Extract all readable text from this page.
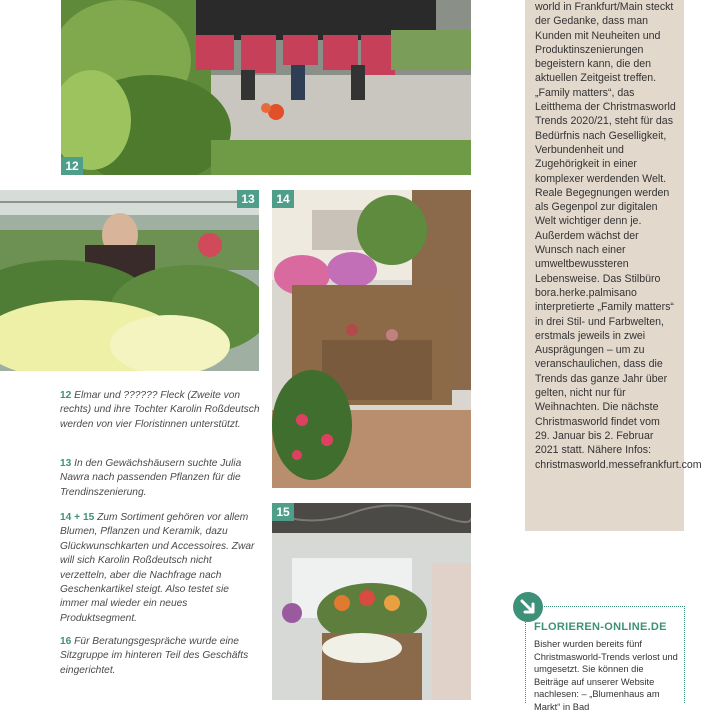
12
13	14
15

12 Elmar und ?????? Fleck (Zweite von rechts) und ihre Tochter Karolin Roßdeutsch werden von vier Floristinnen unterstützt.

13 In den Gewächshäusern suchte Julia Nawra nach passenden Pflanzen für die Trendinszenierung.

14 + 15 Zum Sortiment gehören vor allem Blumen, Pflanzen und Keramik, dazu Glückwunschkarten und Accessoires. Zwar will sich Karolin Roßdeutsch nicht verzetteln, aber die Nachfrage nach Geschenkartikel steigt. Also testet sie immer mal wieder ein neues Produktsegment.

16 Für Beratungsgespräche wurde eine Sitzgruppe im hinteren Teil des Geschäfts eingerichtet.

world in Frankfurt/Main steckt der Gedanke, dass man Kunden mit Neuheiten und Produktinszenierungen begeistern kann, die den aktuellen Zeitgeist treffen. „Family matters“, das Leitthema der Christmasworld Trends 2020/21, steht für das Bedürfnis nach Geselligkeit, Verbundenheit und Zugehörigkeit in einer komplexer werdenden Welt. Reale Begegnungen werden als Gegenpol zur digitalen Welt wichtiger denn je. Außerdem wächst der Wunsch nach einer umweltbewussteren Lebensweise. Das Stilbüro bora.herke.palmisano interpretierte „Family matters“ in drei Stil- und Farbwelten, erstmals jeweils in zwei Ausprägungen – um zu veranschaulichen, dass die Trends das ganze Jahr über gelten, nicht nur für Weihnachten. Die nächste Christmasworld findet vom 29. Januar bis 2. Februar 2021 statt. Nähere Infos: christmasworld.messefrankfurt.com

FLORIEREN-ONLINE.DE

Bisher wurden bereits fünf Christmasworld-Trends verlost und umgesetzt. Sie können die Beiträge auf unserer Website nachlesen: – „Blumenhaus am Markt“ in Bad
